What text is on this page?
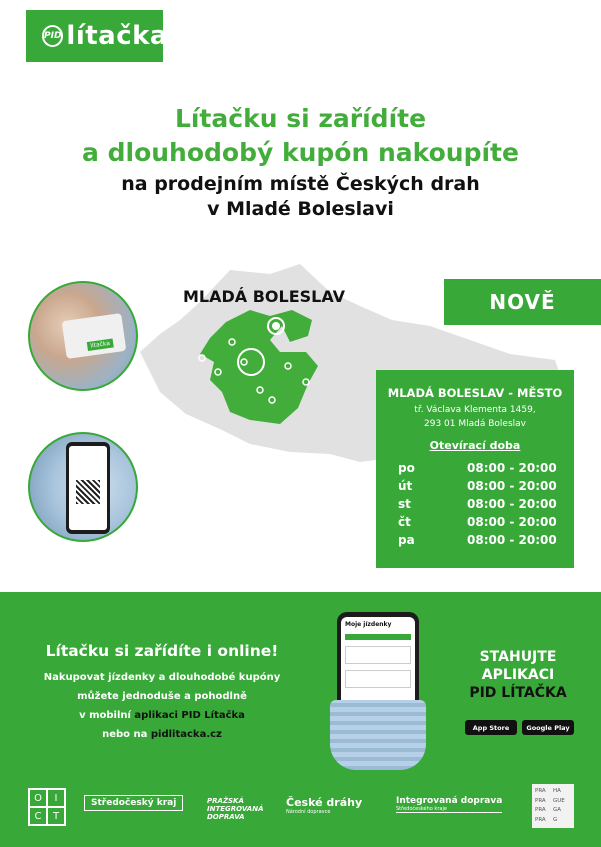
PID lítačka
Lítačku si zařídíte
a dlouhodobý kupón nakoupíte
na prodejním místě Českých drah
v Mladé Boleslavi
MLADÁ BOLESLAV	NOVĚ
lítačka
MLADÁ BOLESLAV - MĚSTO
tř. Václava Klementa 1459,
293 01 Mladá Boleslav
Otevírací doba
po	08:00 - 20:00
út	08:00 - 20:00
st	08:00 - 20:00
čt	08:00 - 20:00
pa	08:00 - 20:00
Lítačku si zařídíte i online!
Nakupovat jízdenky a dlouhodobé kupóny
můžete jednoduše a pohodlně
v mobilní aplikaci PID Lítačka
nebo na pidlitacka.cz
Moje jízdenky
STAHUJTE
APLIKACI
PID LÍTAČKA
App Store	Google Play
O	I
C	T
Středočeský kraj	PRAŽSKÁ INTEGROVANÁ DOPRAVA
České dráhy
Národní dopravce
Integrovaná doprava
Středočeského kraje
PRA	HA
PRA	GUE
PRA	GA
PRA	G
